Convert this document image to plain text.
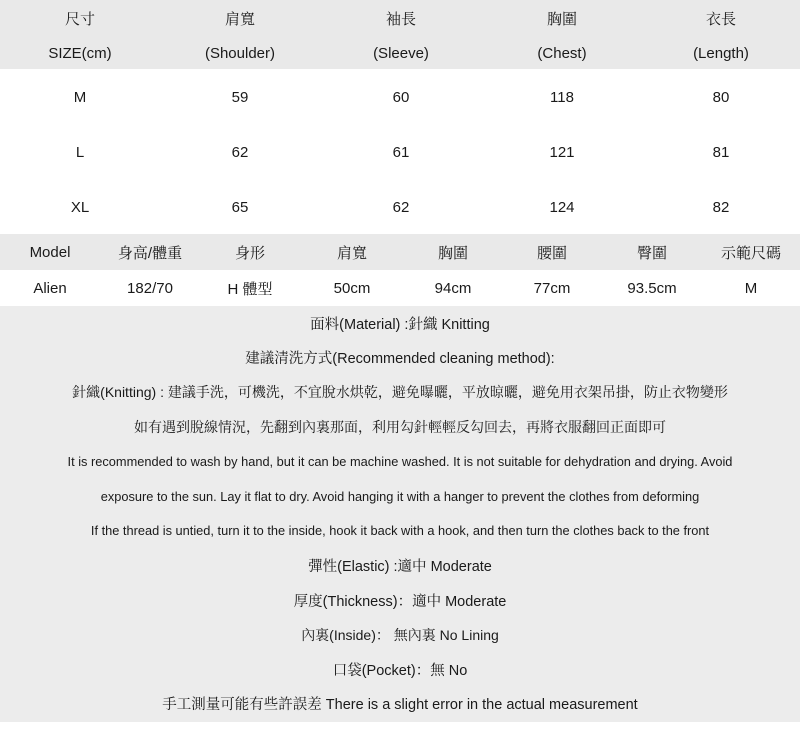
尺寸	肩寬	袖長	胸圍	衣長
SIZE(cm)	(Shoulder)	(Sleeve)	(Chest)	(Length)
M	59	60	118	80
L	62	61	121	81
XL	65	62	124	82
Model	身高/體重	身形	肩寬	胸圍	腰圍	臀圍	示範尺碼
Alien	182/70	H 體型	50cm	94cm	77cm	93.5cm	M
面料(Material) :針織 Knitting
建議清洗方式(Recommended cleaning method):
針織(Knitting) : 建議手洗，可機洗，不宜脫水烘乾，避免曝曬，平放晾曬，避免用衣架吊掛，防止衣物變形
如有遇到脫線情況，先翻到內裏那面，利用勾針輕輕反勾回去，再將衣服翻回正面即可
It is recommended to wash by hand, but it can be machine washed. It is not suitable for dehydration and drying. Avoid
exposure to the sun. Lay it flat to dry. Avoid hanging it with a hanger to prevent the clothes from deforming
If the thread is untied, turn it to the inside, hook it back with a hook, and then turn the clothes back to the front
彈性(Elastic) :適中 Moderate
厚度(Thickness)：適中 Moderate
內裏(Inside)： 無內裏 No Lining
口袋(Pocket)：無 No
手工測量可能有些許誤差 There is a slight error in the actual measurement
